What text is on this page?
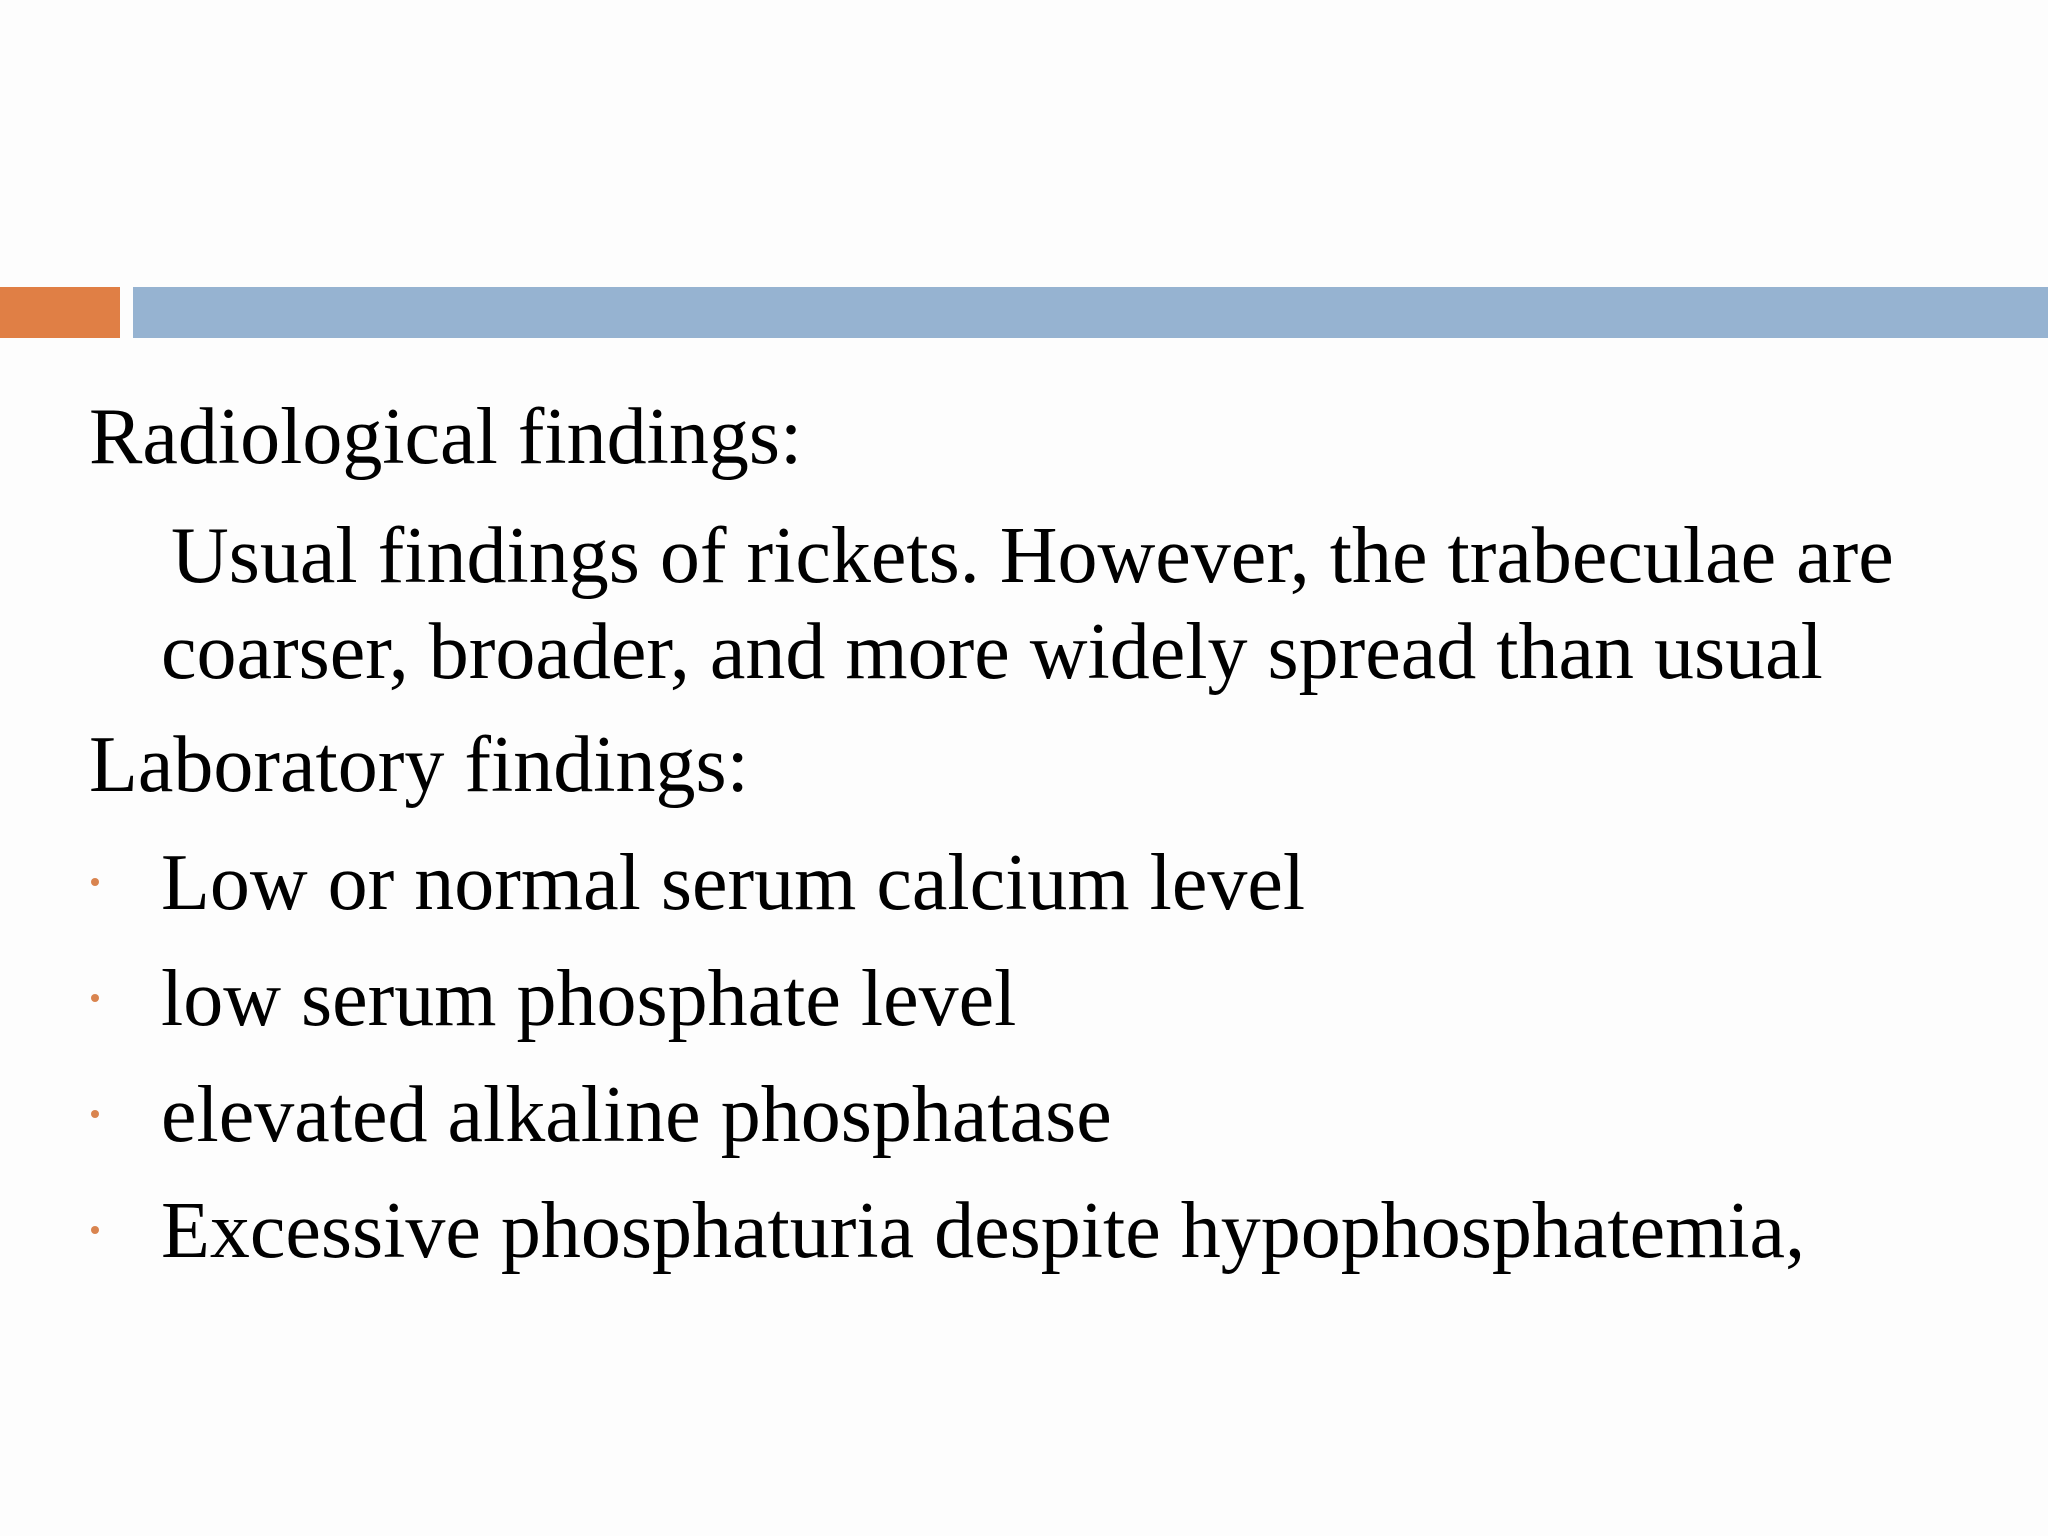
Radiological findings:
Usual findings of rickets. However, the trabeculae are coarser, broader, and more widely spread than usual
Laboratory findings:
Low or normal serum calcium level
low serum phosphate level
elevated alkaline phosphatase
Excessive phosphaturia despite hypophosphatemia,
